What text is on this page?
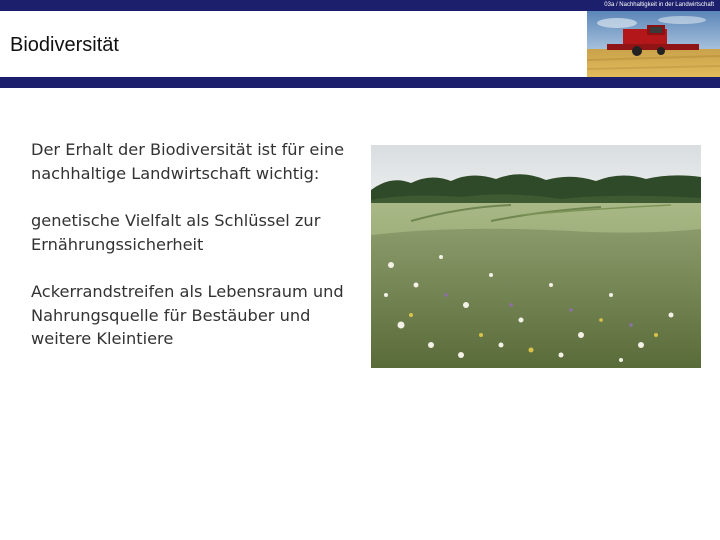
03a / Nachhaltigkeit in der Landwirtschaft
Biodiversität

Der Erhalt der Biodiversität ist für eine nachhaltige Landwirtschaft wichtig:

genetische Vielfalt als Schlüssel zur Ernährungssicherheit

Ackerrandstreifen als Lebensraum und Nahrungsquelle für Bestäuber und weitere Kleintiere
